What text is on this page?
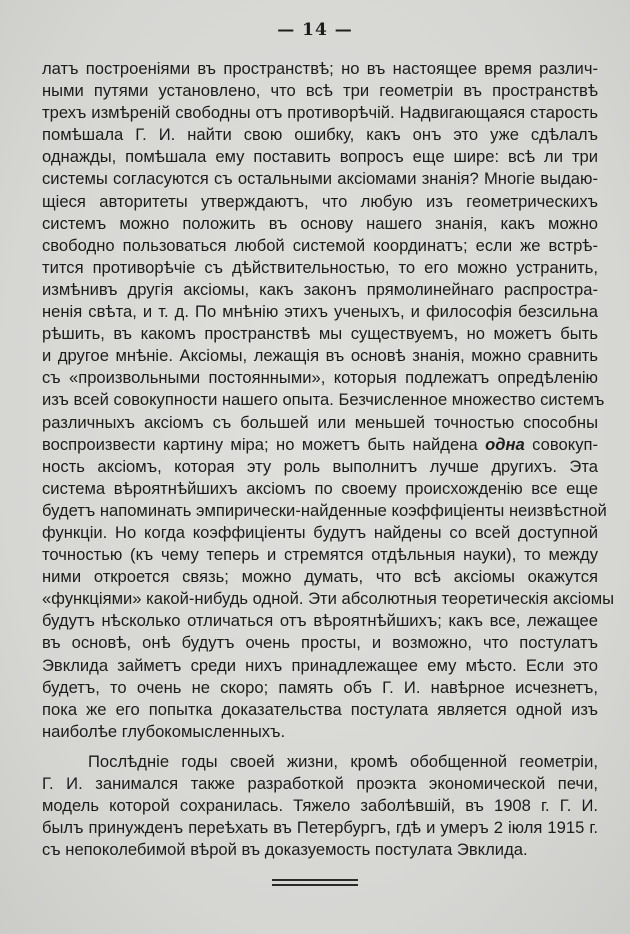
— 14 —
латъ построеніями въ пространствѣ; но въ настоящее время различ-
ными путями установлено, что всѣ три геометріи въ пространствѣ
трехъ измѣреній свободны отъ противорѣчій. Надвигающаяся старость
помѣшала Г. И. найти свою ошибку, какъ онъ это уже сдѣлалъ
однажды, помѣшала ему поставить вопросъ еще шире: всѣ ли три
системы согласуются съ остальными аксіомами знанія? Многіе выдаю-
щіеся авторитеты утверждаютъ, что любую изъ геометрическихъ
системъ можно положить въ основу нашего знанія, какъ можно
свободно пользоваться любой системой координатъ; если же встрѣ-
тится противорѣчіе съ дѣйствительностью, то его можно устранить,
измѣнивъ другія аксіомы, какъ законъ прямолинейнаго распростра-
ненія свѣта, и т. д. По мнѣнію этихъ ученыхъ, и философія безсильна
рѣшить, въ какомъ пространствѣ мы существуемъ, но можетъ быть
и другое мнѣніе. Аксіомы, лежащія въ основѣ знанія, можно сравнить
съ «произвольными постоянными», которыя подлежатъ опредѣленію
изъ всей совокупности нашего опыта. Безчисленное множество системъ
различныхъ аксіомъ съ большей или меньшей точностью способны
воспроизвести картину міра; но можетъ быть найдена одна совокуп-
ность аксіомъ, которая эту роль выполнитъ лучше другихъ. Эта
система вѣроятнѣйшихъ аксіомъ по своему происхожденію все еще
будетъ напоминать эмпирически-найденные коэффиціенты неизвѣстной
функціи. Но когда коэффиціенты будутъ найдены со всей доступной
точностью (къ чему теперь и стремятся отдѣльныя науки), то между
ними откроется связь; можно думать, что всѣ аксіомы окажутся
«функціями» какой-нибудь одной. Эти абсолютныя теоретическія аксіомы
будутъ нѣсколько отличаться отъ вѣроятнѣйшихъ; какъ все, лежащее
въ основѣ, онѣ будутъ очень просты, и возможно, что постулатъ
Эвклида займетъ среди нихъ принадлежащее ему мѣсто. Если это
будетъ, то очень не скоро; память объ Г. И. навѣрное исчезнетъ,
пока же его попытка доказательства постулата является одной изъ
наиболѣе глубокомысленныхъ.
Послѣдніе годы своей жизни, кромѣ обобщенной геометріи,
Г. И. занимался также разработкой проэкта экономической печи,
модель которой сохранилась. Тяжело заболѣвшій, въ 1908 г. Г. И.
былъ принужденъ переѣхать въ Петербургъ, гдѣ и умеръ 2 іюля 1915 г.
съ непоколебимой вѣрой въ доказуемость постулата Эвклида.
